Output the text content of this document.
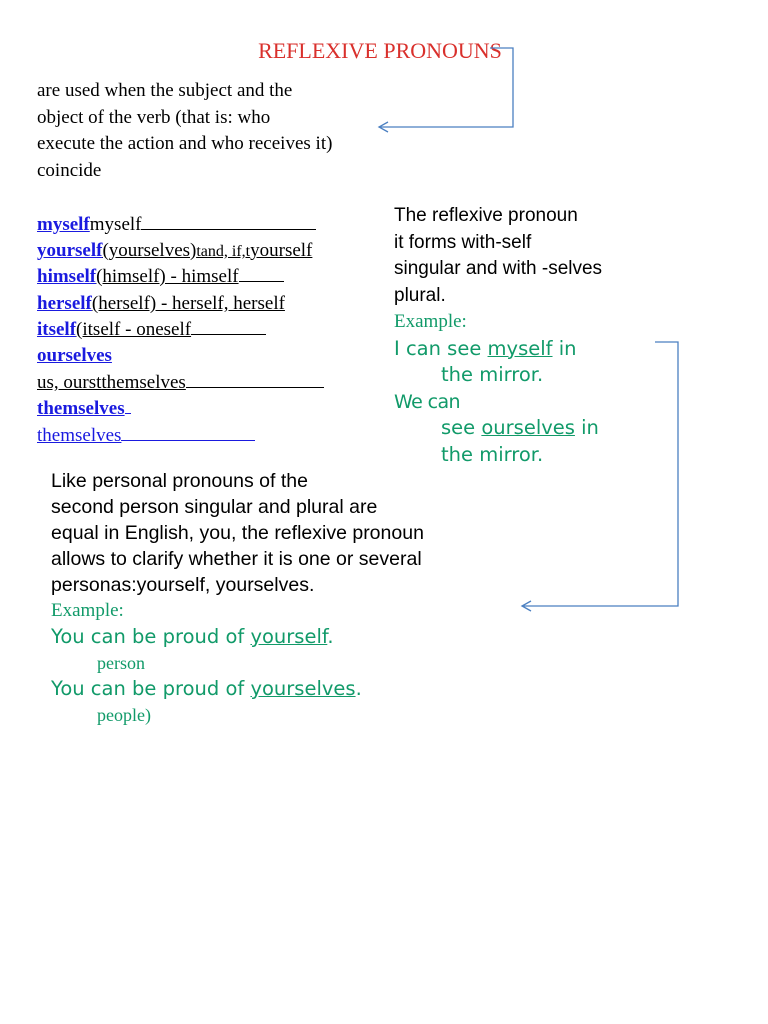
REFLEXIVE PRONOUNS
are used when the subject and the
object of the verb (that is: who
execute the action and who receives it)
coincide
myselfmyself
yourself(yourselves)tand, if,tyourself
himself(himself) - himself
herself(herself) - herself, herself
itself(itself - oneself
ourselves
us, ourstthemselves
themselves
themselves
The reflexive pronoun
it forms with-self
singular and with -selves
plural.
Example:
I can see myself in
the mirror.
We can
see ourselves in
the mirror.
Like personal pronouns of the
second person singular and plural are
equal in English, you, the reflexive pronoun
allows to clarify whether it is one or several
personas:yourself, yourselves.
Example:
You can be proud of yourself.
person
You can be proud of yourselves.
people)
